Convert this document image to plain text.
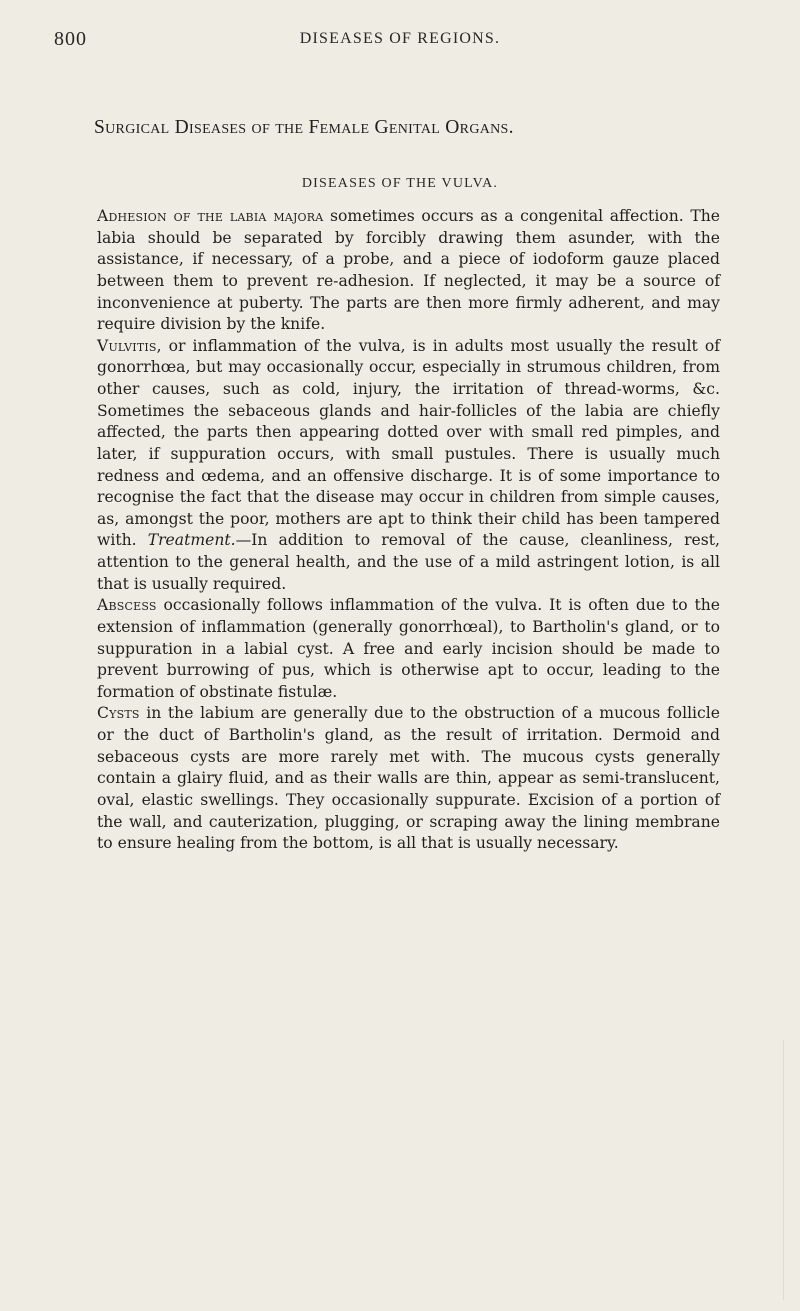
800	DISEASES OF REGIONS.
Surgical Diseases of the Female Genital Organs.
DISEASES OF THE VULVA.

Adhesion of the labia majora sometimes occurs as a congenital affection. The labia should be separated by forcibly drawing them asunder, with the assistance, if necessary, of a probe, and a piece of iodoform gauze placed between them to prevent re-adhesion. If neglected, it may be a source of inconvenience at puberty. The parts are then more firmly adherent, and may require division by the knife.

Vulvitis, or inflammation of the vulva, is in adults most usually the result of gonorrhœa, but may occasionally occur, especially in strumous children, from other causes, such as cold, injury, the irritation of thread-worms, &c. Sometimes the sebaceous glands and hair-follicles of the labia are chiefly affected, the parts then appearing dotted over with small red pimples, and later, if suppuration occurs, with small pustules. There is usually much redness and œdema, and an offensive discharge. It is of some importance to recognise the fact that the disease may occur in children from simple causes, as, amongst the poor, mothers are apt to think their child has been tampered with. Treatment.—In addition to removal of the cause, cleanliness, rest, attention to the general health, and the use of a mild astringent lotion, is all that is usually required.

Abscess occasionally follows inflammation of the vulva. It is often due to the extension of inflammation (generally gonorrhœal), to Bartholin's gland, or to suppuration in a labial cyst. A free and early incision should be made to prevent burrowing of pus, which is otherwise apt to occur, leading to the formation of obstinate fistulæ.

Cysts in the labium are generally due to the obstruction of a mucous follicle or the duct of Bartholin's gland, as the result of irritation. Dermoid and sebaceous cysts are more rarely met with. The mucous cysts generally contain a glairy fluid, and as their walls are thin, appear as semi-translucent, oval, elastic swellings. They occasionally suppurate. Excision of a portion of the wall, and cauterization, plugging, or scraping away the lining membrane to ensure healing from the bottom, is all that is usually necessary.
